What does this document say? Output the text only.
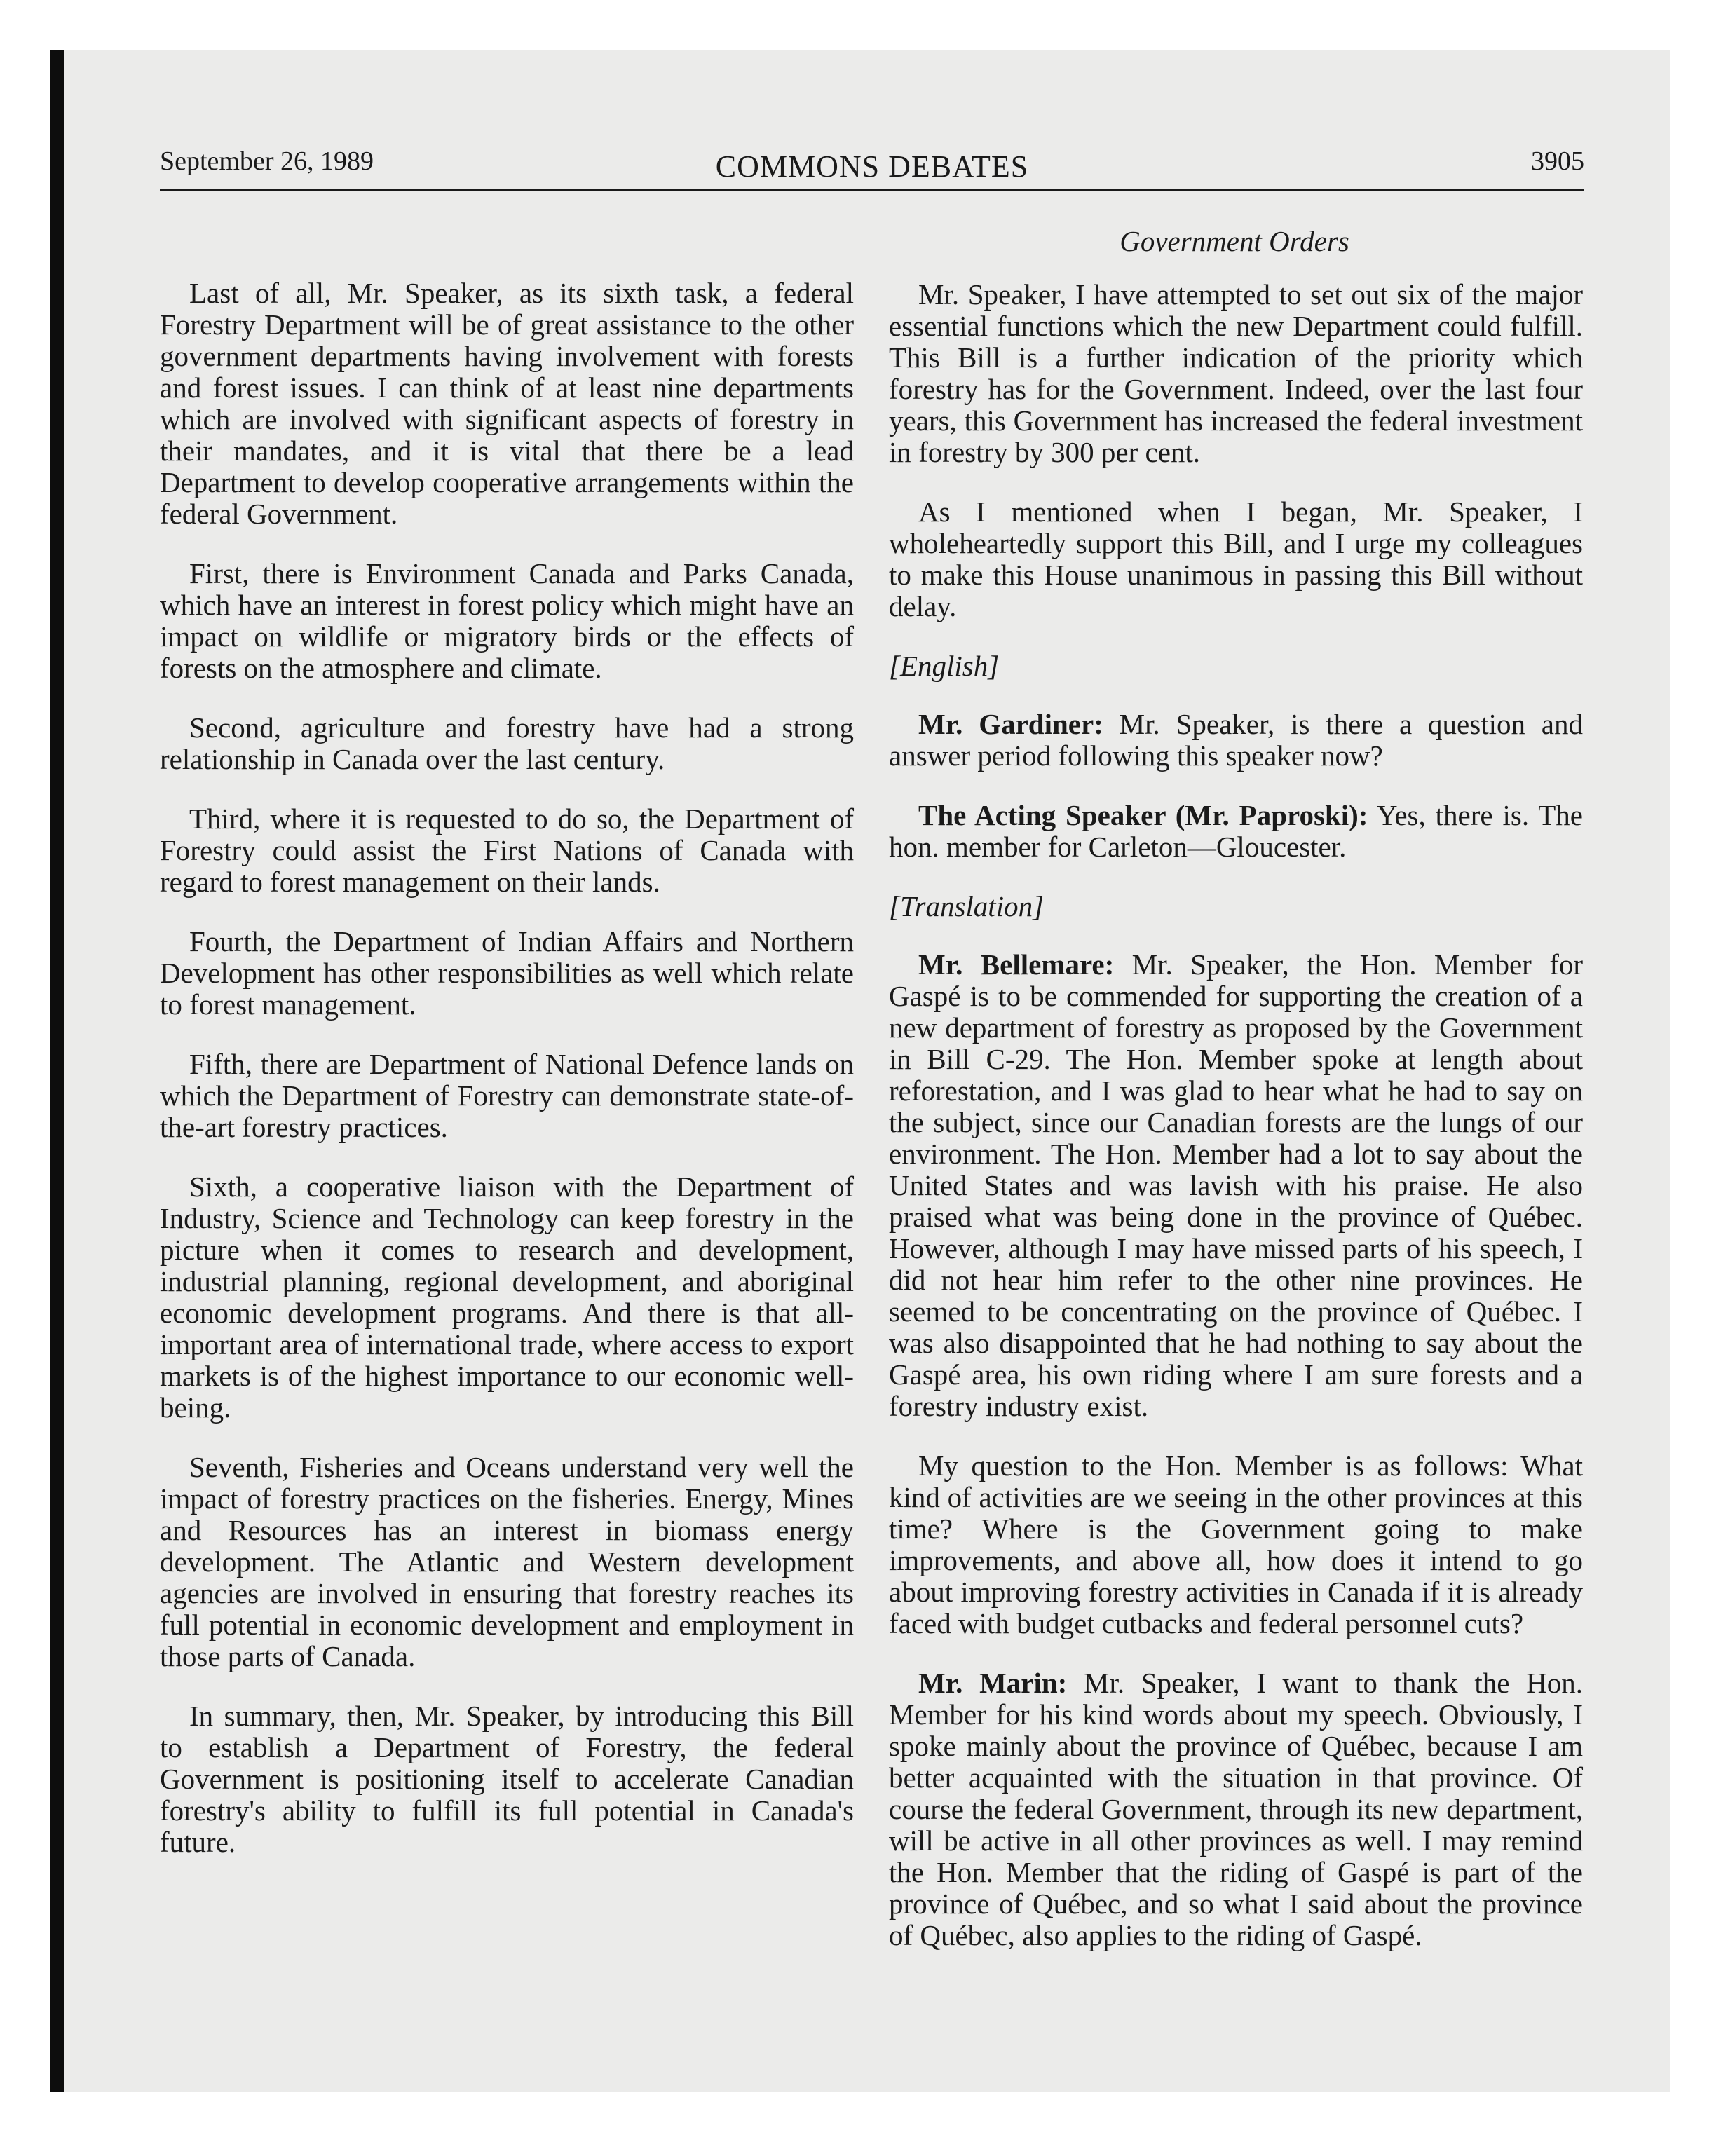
September 26, 1989	COMMONS DEBATES	3905
Government Orders

Last of all, Mr. Speaker, as its sixth task, a federal Forestry Department will be of great assistance to the other government departments having involvement with forests and forest issues. I can think of at least nine departments which are involved with significant aspects of forestry in their mandates, and it is vital that there be a lead Department to develop cooperative arrangements within the federal Government.

First, there is Environment Canada and Parks Canada, which have an interest in forest policy which might have an impact on wildlife or migratory birds or the effects of forests on the atmosphere and climate.

Second, agriculture and forestry have had a strong relationship in Canada over the last century.

Third, where it is requested to do so, the Department of Forestry could assist the First Nations of Canada with regard to forest management on their lands.

Fourth, the Department of Indian Affairs and Northern Development has other responsibilities as well which relate to forest management.

Fifth, there are Department of National Defence lands on which the Department of Forestry can demonstrate state-of-the-art forestry practices.

Sixth, a cooperative liaison with the Department of Industry, Science and Technology can keep forestry in the picture when it comes to research and development, industrial planning, regional development, and aboriginal economic development programs. And there is that all-important area of international trade, where access to export markets is of the highest importance to our economic well-being.

Seventh, Fisheries and Oceans understand very well the impact of forestry practices on the fisheries. Energy, Mines and Resources has an interest in biomass energy development. The Atlantic and Western development agencies are involved in ensuring that forestry reaches its full potential in economic development and employment in those parts of Canada.

In summary, then, Mr. Speaker, by introducing this Bill to establish a Department of Forestry, the federal Government is positioning itself to accelerate Canadian forestry's ability to fulfill its full potential in Canada's future.

Mr. Speaker, I have attempted to set out six of the major essential functions which the new Department could fulfill. This Bill is a further indication of the priority which forestry has for the Government. Indeed, over the last four years, this Government has increased the federal investment in forestry by 300 per cent.

As I mentioned when I began, Mr. Speaker, I wholeheartedly support this Bill, and I urge my colleagues to make this House unanimous in passing this Bill without delay.

[English]

Mr. Gardiner: Mr. Speaker, is there a question and answer period following this speaker now?

The Acting Speaker (Mr. Paproski): Yes, there is. The hon. member for Carleton—Gloucester.

[Translation]

Mr. Bellemare: Mr. Speaker, the Hon. Member for Gaspé is to be commended for supporting the creation of a new department of forestry as proposed by the Government in Bill C-29. The Hon. Member spoke at length about reforestation, and I was glad to hear what he had to say on the subject, since our Canadian forests are the lungs of our environment. The Hon. Member had a lot to say about the United States and was lavish with his praise. He also praised what was being done in the province of Québec. However, although I may have missed parts of his speech, I did not hear him refer to the other nine provinces. He seemed to be concentrating on the province of Québec. I was also disappointed that he had nothing to say about the Gaspé area, his own riding where I am sure forests and a forestry industry exist.

My question to the Hon. Member is as follows: What kind of activities are we seeing in the other provinces at this time? Where is the Government going to make improvements, and above all, how does it intend to go about improving forestry activities in Canada if it is already faced with budget cutbacks and federal personnel cuts?

Mr. Marin: Mr. Speaker, I want to thank the Hon. Member for his kind words about my speech. Obviously, I spoke mainly about the province of Québec, because I am better acquainted with the situation in that province. Of course the federal Government, through its new department, will be active in all other provinces as well. I may remind the Hon. Member that the riding of Gaspé is part of the province of Québec, and so what I said about the province of Québec, also applies to the riding of Gaspé.
